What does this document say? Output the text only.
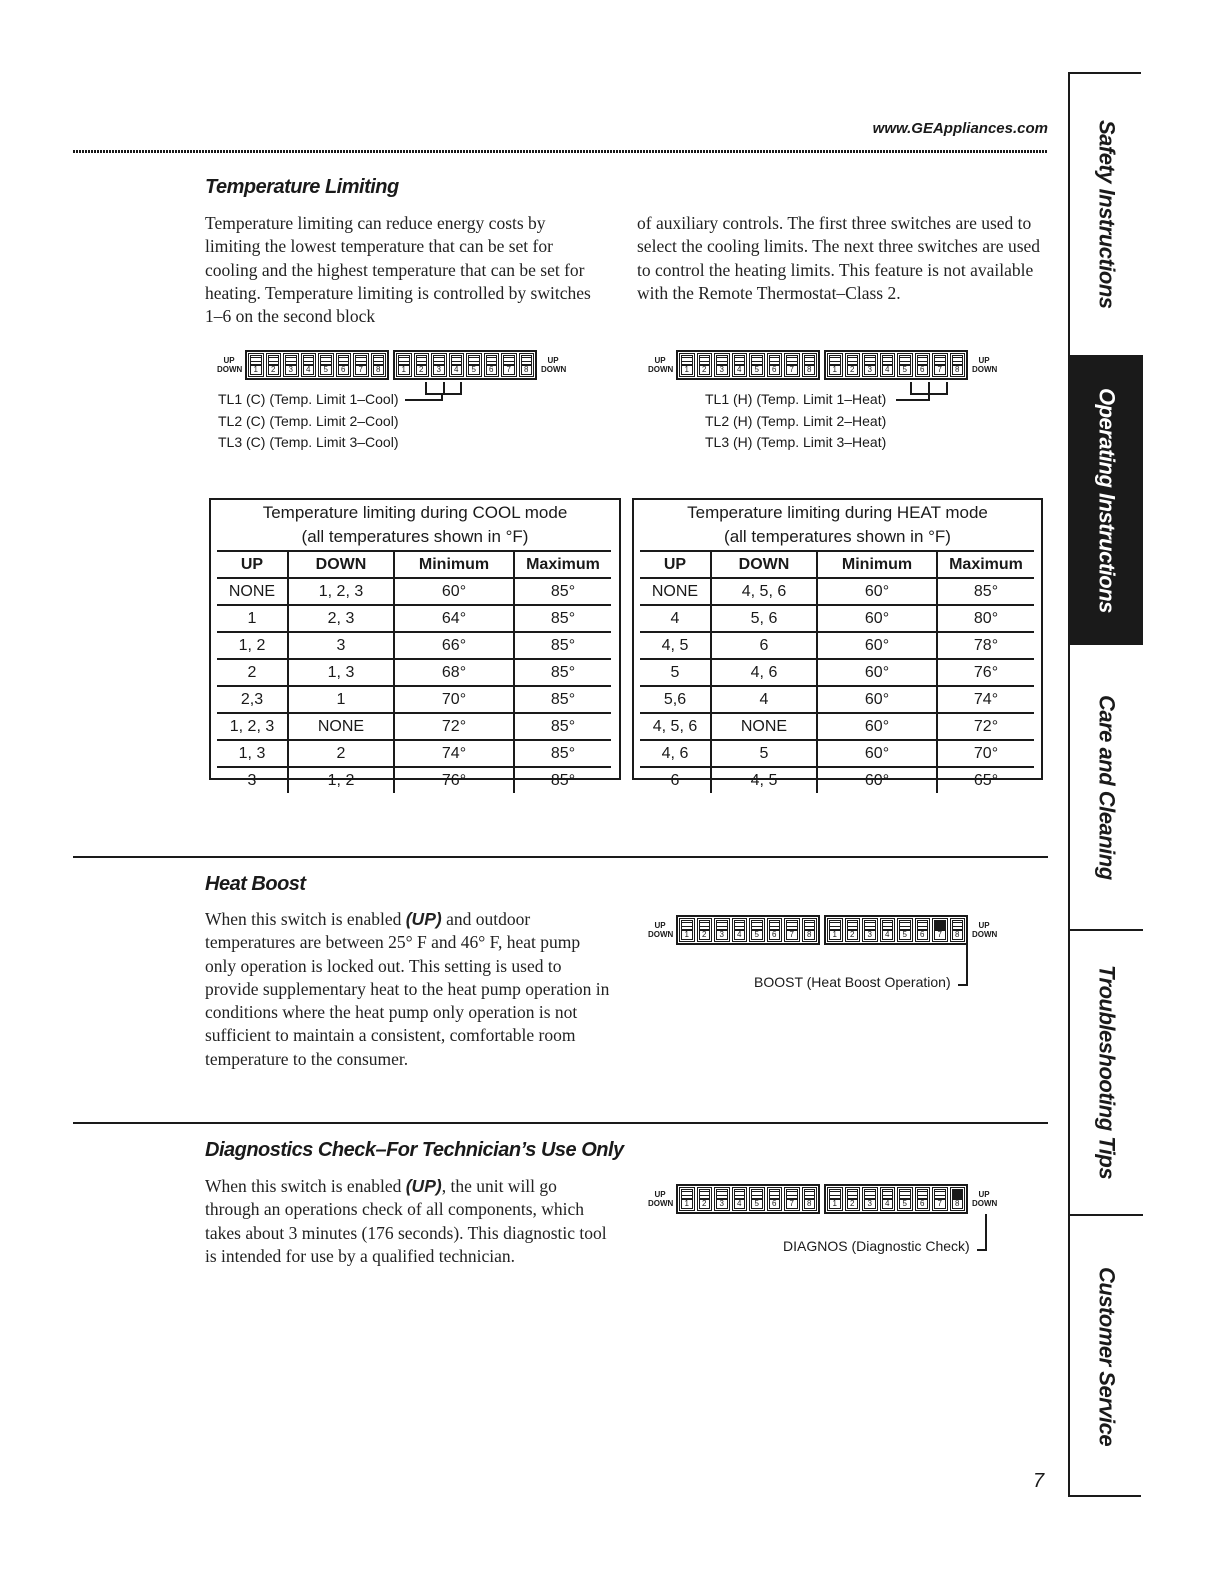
www.GEAppliances.com
Temperature Limiting
Temperature limiting can reduce energy costs by limiting the lowest temperature that can be set for cooling and the highest temperature that can be set for heating. Temperature limiting is controlled by switches 1–6 on the second block
of auxiliary controls. The first three switches are used to select the cooling limits. The next three switches are used to control the heating limits. This feature is not available with the Remote Thermostat–Class 2.
UP
DOWN	1	2	3	4	5	6	7	8	1	2	3	4	5	6	7	8
UP
DOWN
UP
DOWN	1	2	3	4	5	6	7	8	1	2	3	4	5	6	7	8
UP
DOWN
TL1 (C) (Temp. Limit 1–Cool)
TL2 (C) (Temp. Limit 2–Cool)
TL3 (C) (Temp. Limit 3–Cool)
TL1 (H) (Temp. Limit 1–Heat)
TL2 (H) (Temp. Limit 2–Heat)
TL3 (H) (Temp. Limit 3–Heat)
Temperature limiting during COOL mode
(all temperatures shown in °F)
UP	DOWN	Minimum	Maximum
NONE	1, 2, 3	60°	85°
1	2, 3	64°	85°
1, 2	3	66°	85°
2	1, 3	68°	85°
2,3	1	70°	85°
1, 2, 3	NONE	72°	85°
1, 3	2	74°	85°
3	1, 2	76°	85°
Temperature limiting during HEAT mode
(all temperatures shown in °F)
UP	DOWN	Minimum	Maximum
NONE	4, 5, 6	60°	85°
4	5, 6	60°	80°
4, 5	6	60°	78°
5	4, 6	60°	76°
5,6	4	60°	74°
4, 5, 6	NONE	60°	72°
4, 6	5	60°	70°
6	4, 5	60°	65°
Heat Boost
When this switch is enabled (UP) and outdoor temperatures are between 25° F and 46° F, heat pump only operation is locked out. This setting is used to provide supplementary heat to the heat pump operation in conditions where the heat pump only operation is not sufficient to maintain a consistent, comfortable room temperature to the consumer.
UP
DOWN	1	2	3	4	5	6	7	8	1	2	3	4	5	6	7	8
UP
DOWN
BOOST (Heat Boost Operation)
Diagnostics Check–For Technician’s Use Only
When this switch is enabled (UP), the unit will go through an operations check of all components, which takes about 3 minutes (176 seconds). This diagnostic tool is intended for use by a qualified technician.
UP
DOWN	1	2	3	4	5	6	7	8	1	2	3	4	5	6	7	8
UP
DOWN
DIAGNOS (Diagnostic Check)
Safety Instructions
Operating Instructions
Care and Cleaning
Troubleshooting Tips
Customer Service
7
